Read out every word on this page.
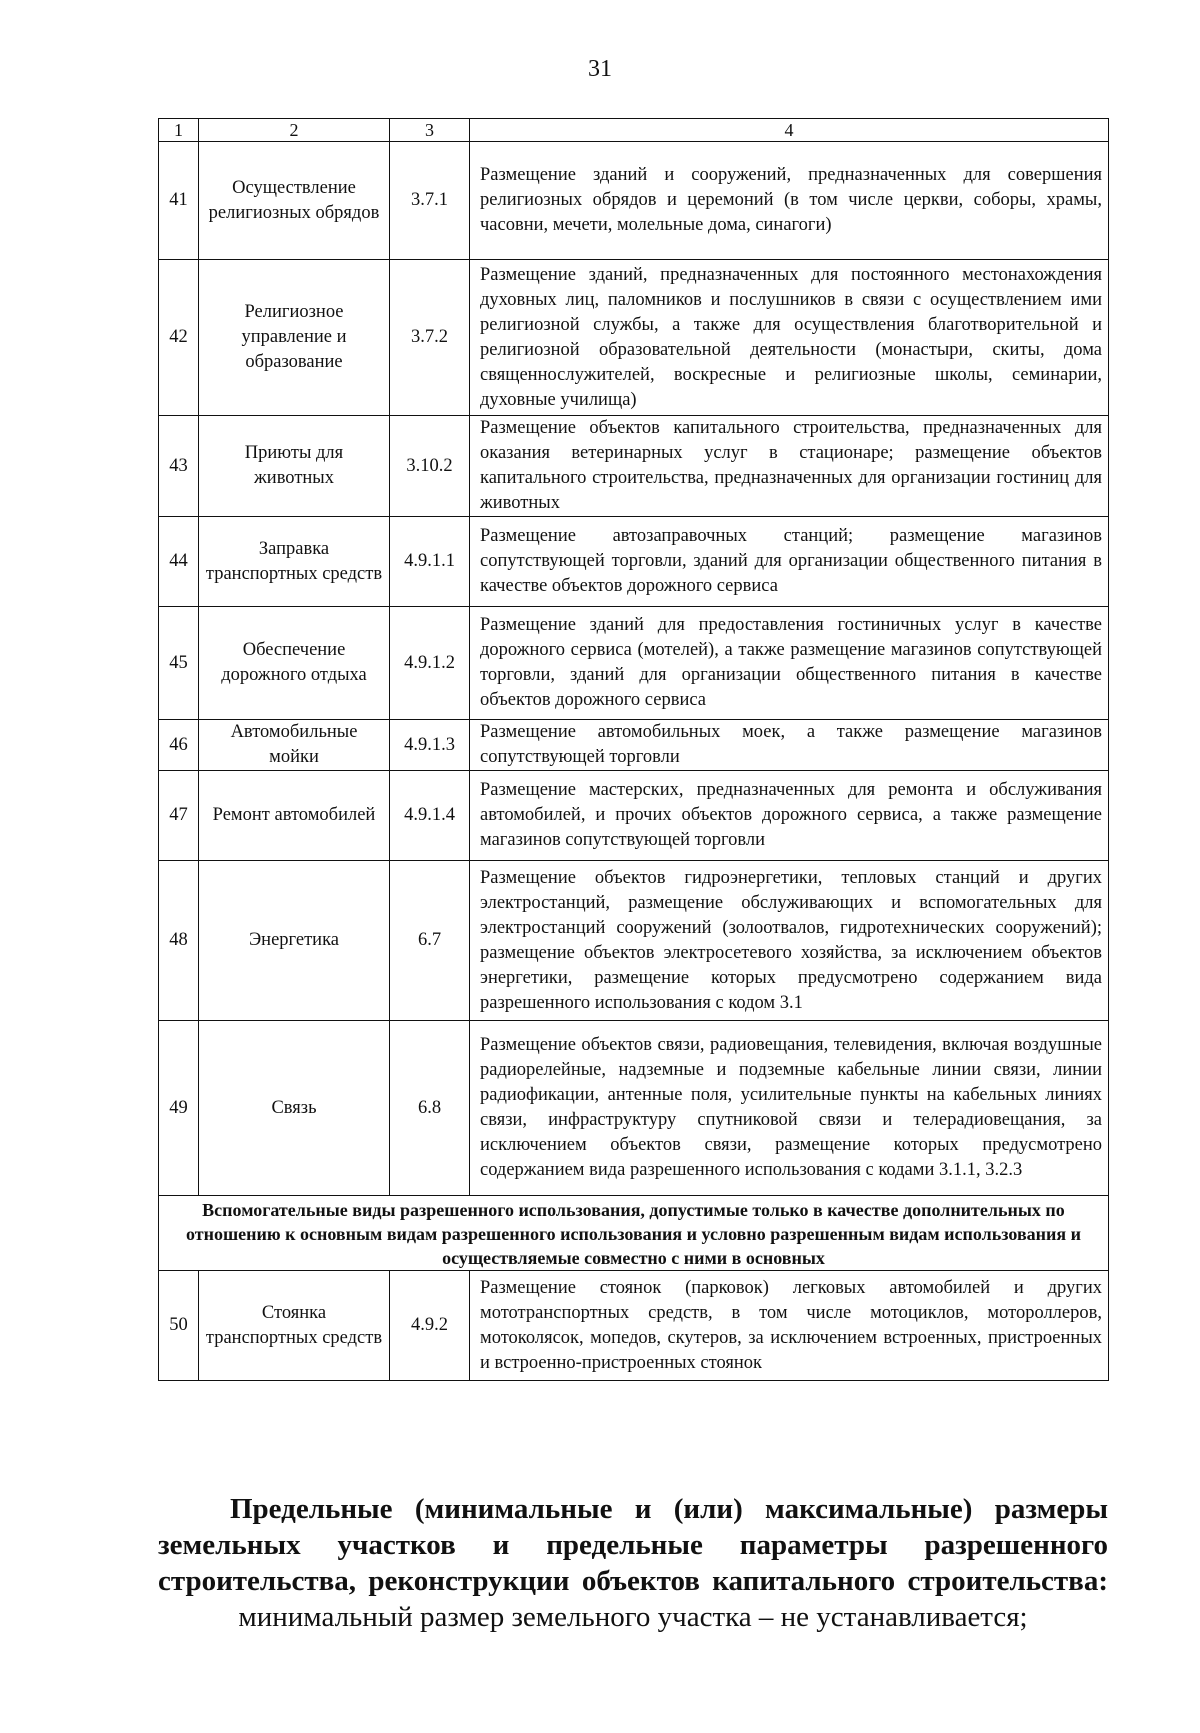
31
1	2	3	4
41	Осуществление религиозных обрядов	3.7.1	Размещение зданий и сооружений, предназначенных для совершения религиозных обрядов и церемоний (в том числе церкви, соборы, храмы, часовни, мечети, молельные дома, синагоги)
42	Религиозное управление и образование	3.7.2	Размещение зданий, предназначенных для постоянного местонахождения духовных лиц, паломников и послушников в связи с осуществлением ими религиозной службы, а также для осуществления благотворительной и религиозной образовательной деятельности (монастыри, скиты, дома священнослужителей, воскресные и религиозные школы, семинарии, духовные училища)
43	Приюты для животных	3.10.2	Размещение объектов капитального строительства, предназначенных для оказания ветеринарных услуг в стационаре; размещение объектов капитального строительства, предназначенных для организации гостиниц для животных
44	Заправка транспортных средств	4.9.1.1	Размещение автозаправочных станций; размещение магазинов сопутствующей торговли, зданий для организации общественного питания в качестве объектов дорожного сервиса
45	Обеспечение дорожного отдыха	4.9.1.2	Размещение зданий для предоставления гостиничных услуг в качестве дорожного сервиса (мотелей), а также размещение магазинов сопутствующей торговли, зданий для организации общественного питания в качестве объектов дорожного сервиса
46	Автомобильные мойки	4.9.1.3	Размещение автомобильных моек, а также размещение магазинов сопутствующей торговли
47	Ремонт автомобилей	4.9.1.4	Размещение мастерских, предназначенных для ремонта и обслуживания автомобилей, и прочих объектов дорожного сервиса, а также размещение магазинов сопутствующей торговли
48	Энергетика	6.7	Размещение объектов гидроэнергетики, тепловых станций и других электростанций, размещение обслуживающих и вспомогательных для электростанций сооружений (золоотвалов, гидротехнических сооружений); размещение объектов электросетевого хозяйства, за исключением объектов энергетики, размещение которых предусмотрено содержанием вида разрешенного использования с кодом 3.1
49	Связь	6.8	Размещение объектов связи, радиовещания, телевидения, включая воздушные радиорелейные, надземные и подземные кабельные линии связи, линии радиофикации, антенные поля, усилительные пункты на кабельных линиях связи, инфраструктуру спутниковой связи и телерадиовещания, за исключением объектов связи, размещение которых предусмотрено содержанием вида разрешенного использования с кодами 3.1.1, 3.2.3
Вспомогательные виды разрешенного использования, допустимые только в качестве дополнительных по отношению к основным видам разрешенного использования и условно разрешенным видам использования и осуществляемые совместно с ними в основных			
50	Стоянка транспортных средств	4.9.2	Размещение стоянок (парковок) легковых автомобилей и других мототранспортных средств, в том числе мотоциклов, мотороллеров, мотоколясок, мопедов, скутеров, за исключением встроенных, пристроенных и встроенно-пристроенных стоянок
Предельные (минимальные и (или) максимальные) размеры земельных участков и предельные параметры разрешенного строительства, реконструкции объектов капитального строительства:
минимальный размер земельного участка – не устанавливается;
